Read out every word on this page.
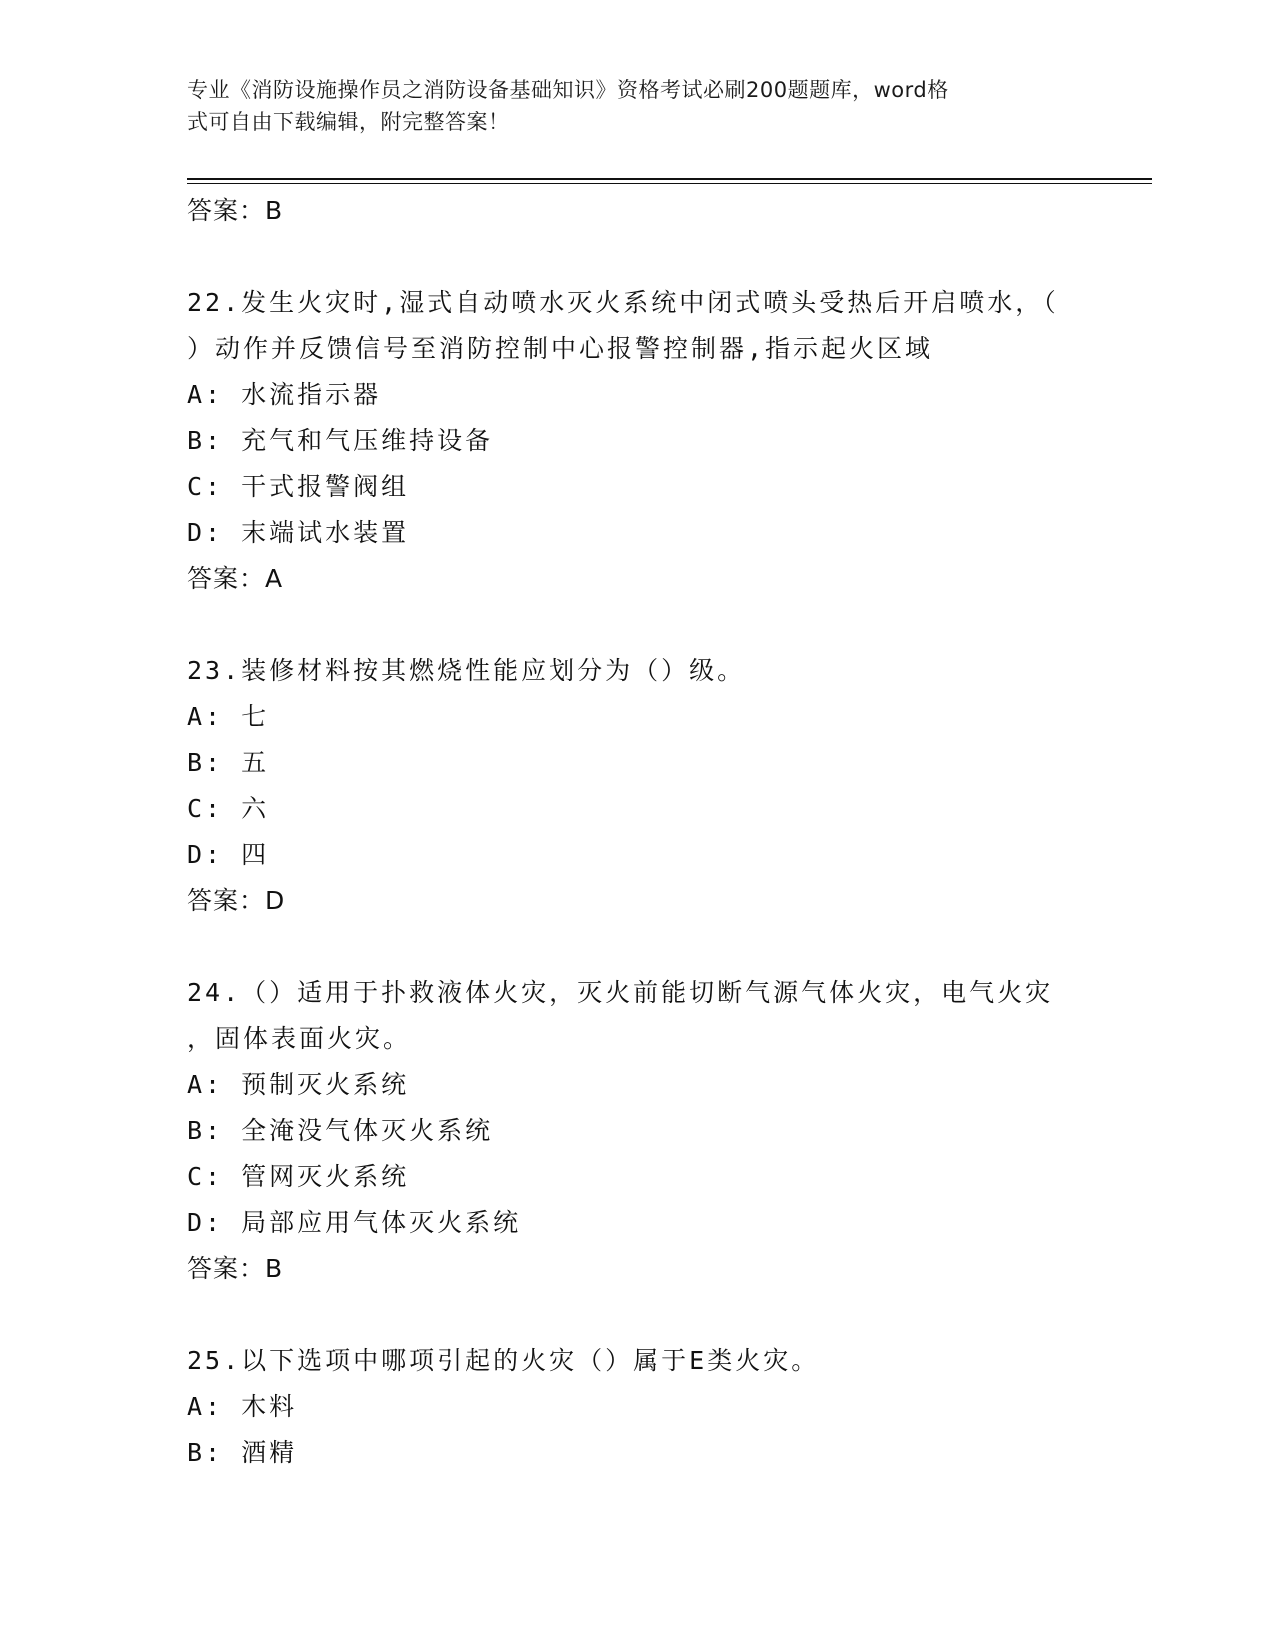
专业《消防设施操作员之消防设备基础知识》资格考试必刷200题题库，word格
式可自由下载编辑，附完整答案！
答案：B
22.发生火灾时,湿式自动喷水灭火系统中闭式喷头受热后开启喷水，（
）动作并反馈信号至消防控制中心报警控制器,指示起火区域
A: 水流指示器
B: 充气和气压维持设备
C: 干式报警阀组
D: 末端试水装置
答案：A
23.装修材料按其燃烧性能应划分为（）级。
A: 七
B: 五
C: 六
D: 四
答案：D
24.（）适用于扑救液体火灾，灭火前能切断气源气体火灾，电气火灾
，固体表面火灾。
A: 预制灭火系统
B: 全淹没气体灭火系统
C: 管网灭火系统
D: 局部应用气体灭火系统
答案：B
25.以下选项中哪项引起的火灾（）属于E类火灾。
A: 木料
B: 酒精
